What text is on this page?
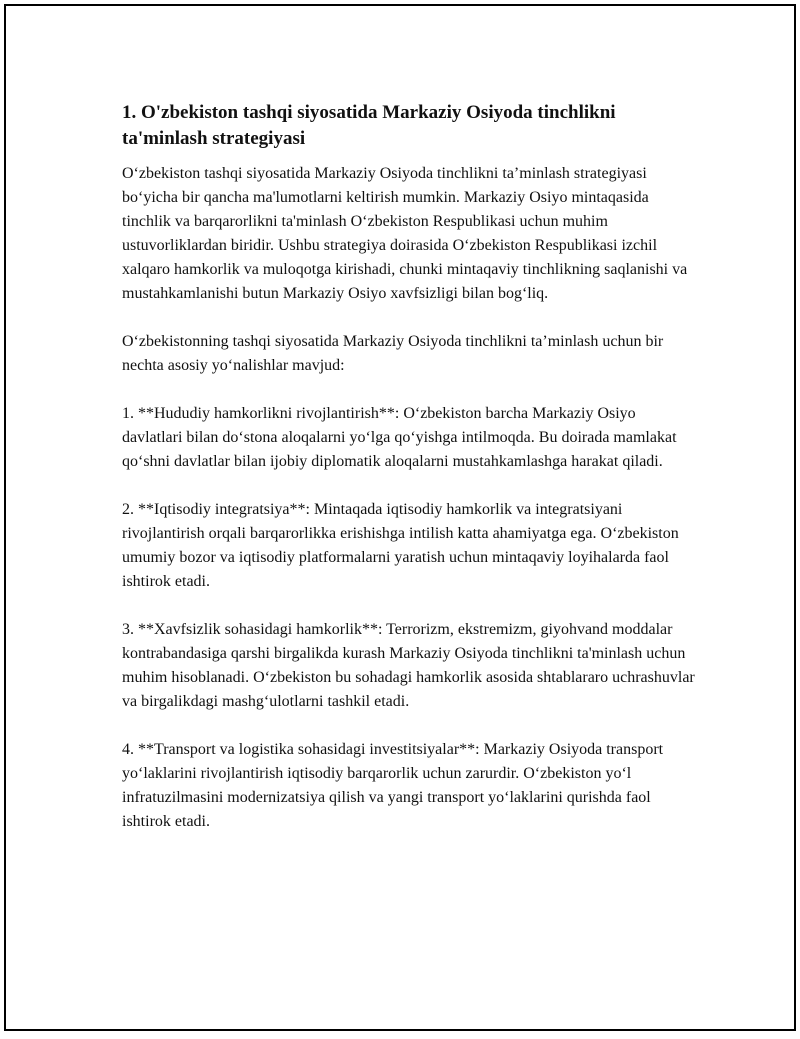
1. O'zbekiston tashqi siyosatida Markaziy Osiyoda tinchlikni ta'minlash strategiyasi

O‘zbekiston tashqi siyosatida Markaziy Osiyoda tinchlikni ta’minlash strategiyasi bo‘yicha bir qancha ma'lumotlarni keltirish mumkin. Markaziy Osiyo mintaqasida tinchlik va barqarorlikni ta'minlash O‘zbekiston Respublikasi uchun muhim ustuvorliklardan biridir. Ushbu strategiya doirasida O‘zbekiston Respublikasi izchil xalqaro hamkorlik va muloqotga kirishadi, chunki mintaqaviy tinchlikning saqlanishi va mustahkamlanishi butun Markaziy Osiyo xavfsizligi bilan bog‘liq.

O‘zbekistonning tashqi siyosatida Markaziy Osiyoda tinchlikni ta’minlash uchun bir nechta asosiy yo‘nalishlar mavjud:

1. **Hududiy hamkorlikni rivojlantirish**: O‘zbekiston barcha Markaziy Osiyo davlatlari bilan do‘stona aloqalarni yo‘lga qo‘yishga intilmoqda. Bu doirada mamlakat qo‘shni davlatlar bilan ijobiy diplomatik aloqalarni mustahkamlashga harakat qiladi.

2. **Iqtisodiy integratsiya**: Mintaqada iqtisodiy hamkorlik va integratsiyani rivojlantirish orqali barqarorlikka erishishga intilish katta ahamiyatga ega. O‘zbekiston umumiy bozor va iqtisodiy platformalarni yaratish uchun mintaqaviy loyihalarda faol ishtirok etadi.

3. **Xavfsizlik sohasidagi hamkorlik**: Terrorizm, ekstremizm, giyohvand moddalar kontrabandasiga qarshi birgalikda kurash Markaziy Osiyoda tinchlikni ta'minlash uchun muhim hisoblanadi. O‘zbekiston bu sohadagi hamkorlik asosida shtablararo uchrashuvlar va birgalikdagi mashg‘ulotlarni tashkil etadi.

4. **Transport va logistika sohasidagi investitsiyalar**: Markaziy Osiyoda transport yo‘laklarini rivojlantirish iqtisodiy barqarorlik uchun zarurdir. O‘zbekiston yo‘l infratuzilmasini modernizatsiya qilish va yangi transport yo‘laklarini qurishda faol ishtirok etadi.
